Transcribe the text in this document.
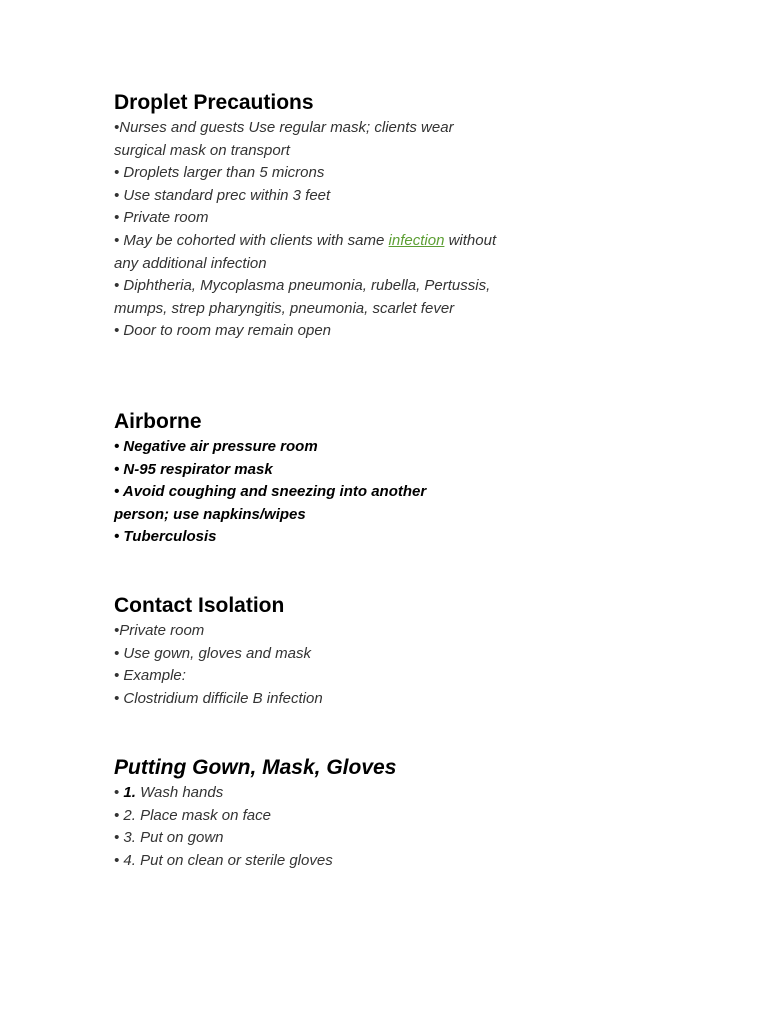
Droplet Precautions

•Nurses and guests Use regular mask; clients wear

surgical mask on transport

• Droplets larger than 5 microns

• Use standard prec within 3 feet

• Private room

• May be cohorted with clients with same infection without

any additional infection

• Diphtheria, Mycoplasma pneumonia, rubella, Pertussis,

mumps, strep pharyngitis, pneumonia, scarlet fever

• Door to room may remain open

Airborne

• Negative air pressure room

• N-95 respirator mask

• Avoid coughing and sneezing into another

person; use napkins/wipes

• Tuberculosis

Contact Isolation

•Private room

• Use gown, gloves and mask

• Example:

• Clostridium difficile B infection

Putting Gown, Mask, Gloves

• 1. Wash hands

• 2. Place mask on face

• 3. Put on gown

• 4. Put on clean or sterile gloves
